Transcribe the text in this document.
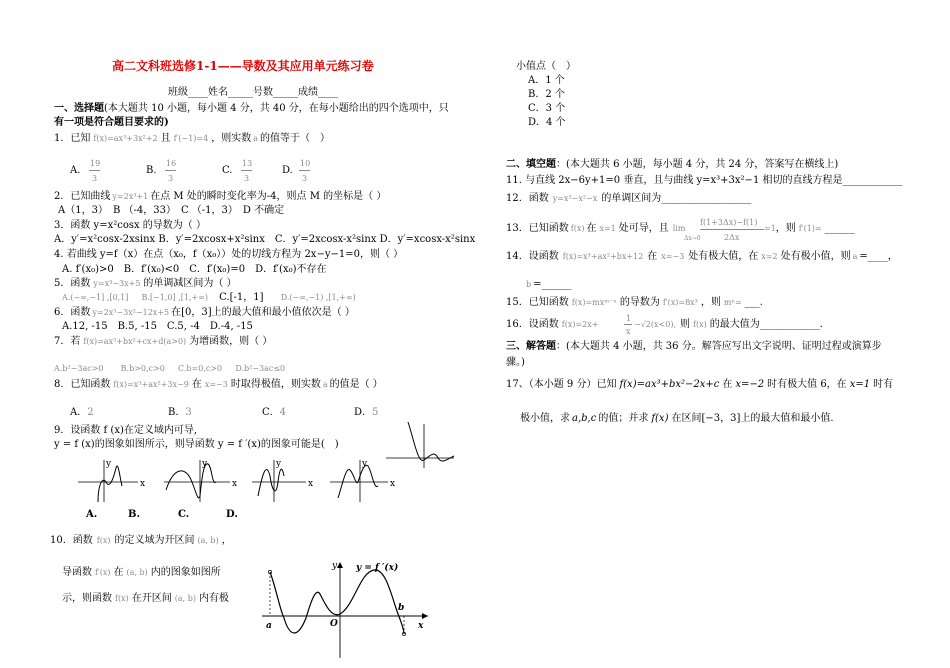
高二文科班选修1-1——导数及其应用单元练习卷
班级____姓名_____号数_____成绩____
一、选择题(本大题共 10 小题，每小题 4 分，共 40 分，在每小题给出的四个选项中，只
有一项是符合题目要求的)
1．已知 f(x)=ax³+3x²+2 且 f′(−1)=4 ，则实数 a 的值等于（　）
A.
19
3
B.
16
3
C.
13
3
D.
10
3
2．已知曲线 y=2x³+1 在点 M 处的瞬时变化率为-4，则点 M 的坐标是（ ）
A（1，3）　B （-4，33）　C （-1，3）　D 不确定
3．函数 y=x²cosx 的导数为（ ）
A．y′=x²cosx-2xsinx B．y′=2xcosx+x²sinx　C．y′=2xcosx-x²sinx D．y′=xcosx-x²sinx
4. 若曲线 y=f（x）在点（x₀，f（x₀））处的切线方程为 2x−y−1=0，则（ ）
A. f′(x₀)>0　B．f′(x₀)<0　C．f′(x₀)=0　D．f′(x₀)不存在
5．函数 y=x³−3x+5 的单调减区间为（ ）
A.(−∞,−1] ,[0,1] B.[−1,0] ,[1,+∞) C.[-1，1] D.(−∞,−1) ,[1,+∞)
6．函数 y=2x³−3x²−12x+5 在[0，3]上的最大值和最小值依次是（ ）
A.12, -15　B.5, -15　C.5, -4　D.-4, -15
7．若 f(x)=ax³+bx²+cx+d(a>0) 为增函数，则（ ）
A.b²−3ac>0 B.b>0,c>0 C.b=0,c>0 D.b²−3ac≤0
8．已知函数 f(x)=x³+ax²+3x−9 在 x=−3 时取得极值，则实数 a 的值是（ ）
A．2	B．3	C．4	D．5
9．设函数 f (x)在定义域内可导,
y = f (x)的图象如图所示，则导函数 y = f ′(x)的图象可能是(　)
y
x
y
x
y
x
y
x
A.	B.	C.	D.
10．函数 f(x) 的定义域为开区间 (a, b) ，
导函数 f′(x) 在 (a, b) 内的图象如图所
示，则函数 f(x) 在开区间 (a, b) 内有极
y y = f ′(x)
a	O
b
x
小值点（　）
A．1 个
B．2 个
C．3 个
D．4 个
二、填空题：(本大题共 6 小题，每小题 4 分，共 24 分，答案写在横线上)
11. 与直线 2x−6y+1=0 垂直，且与曲线 y=x³+3x²−1 相切的直线方程是____________
12．函数 y=x³−x²−x 的单调区间为__________________
13．已知函数 f(x) 在 x=1 处可导，且 lim
Δx→0
f(1+3Δx)−f(1)
2Δx
=1，则 f′(1)= ______
14．设函数 f(x)=x³+ax²+bx+12 在 x=−3 处有极大值，在 x=2 处有极小值，则 a =____，
b =______
15．已知函数 f(x)=mxᵐ⁻ⁿ 的导数为 f′(x)=8x³ ，则 mⁿ= ___.
16．设函数 f(x)=2x+
1
x
−√2(x<0), 则 f(x) 的最大值为____________．
三、解答题：(本大题共 4 小题，共 36 分。解答应写出文字说明、证明过程或演算步
骤。)
17、（本小题 9 分）已知 f(x)=ax³+bx²−2x+c 在 x=−2 时有极大值 6，在 x=1 时有
极小值，求 a,b,c 的值；并求 f(x) 在区间[−3，3]上的最大值和最小值.
